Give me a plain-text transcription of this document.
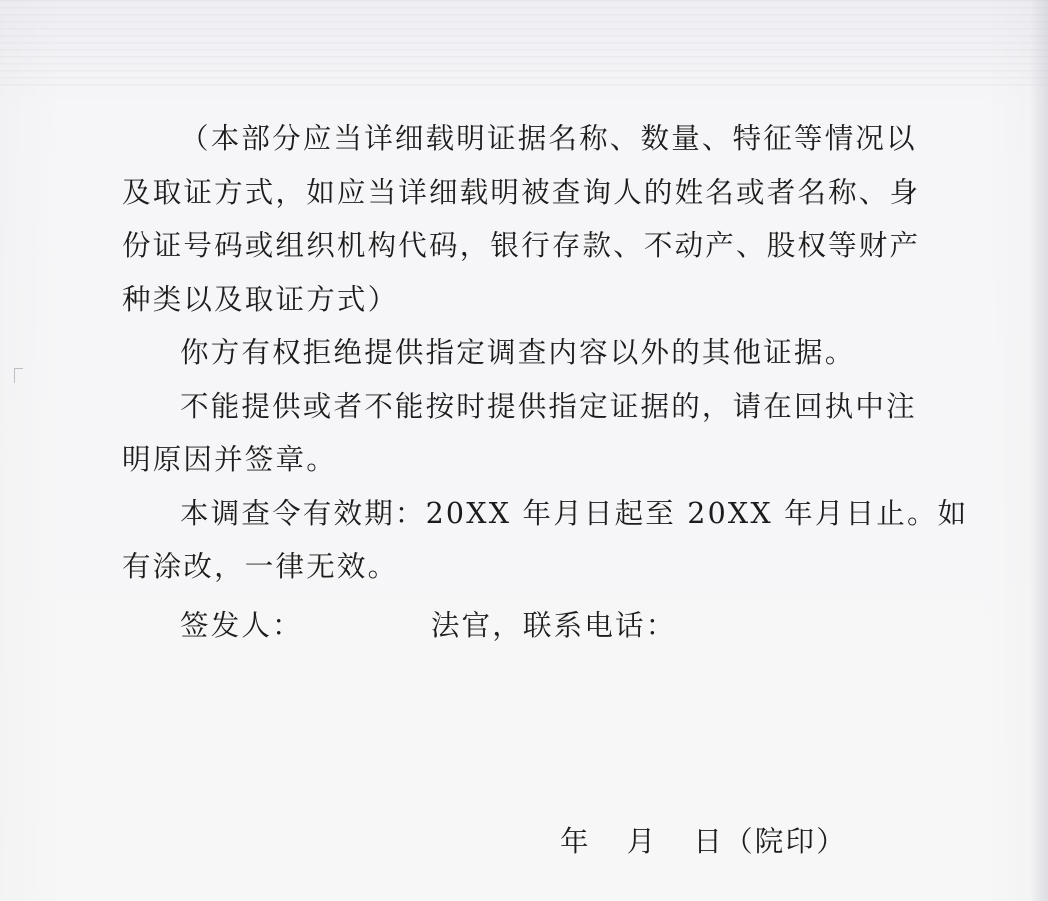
（本部分应当详细载明证据名称、数量、特征等情况以

及取证方式，如应当详细载明被查询人的姓名或者名称、身

份证号码或组织机构代码，银行存款、不动产、股权等财产

种类以及取证方式）

你方有权拒绝提供指定调查内容以外的其他证据。

不能提供或者不能按时提供指定证据的，请在回执中注

明原因并签章。

本调查令有效期：20XX 年月日起至 20XX 年月日止。如

有涂改，一律无效。

签发人：	法官，联系电话：
年 月 日（院印）
